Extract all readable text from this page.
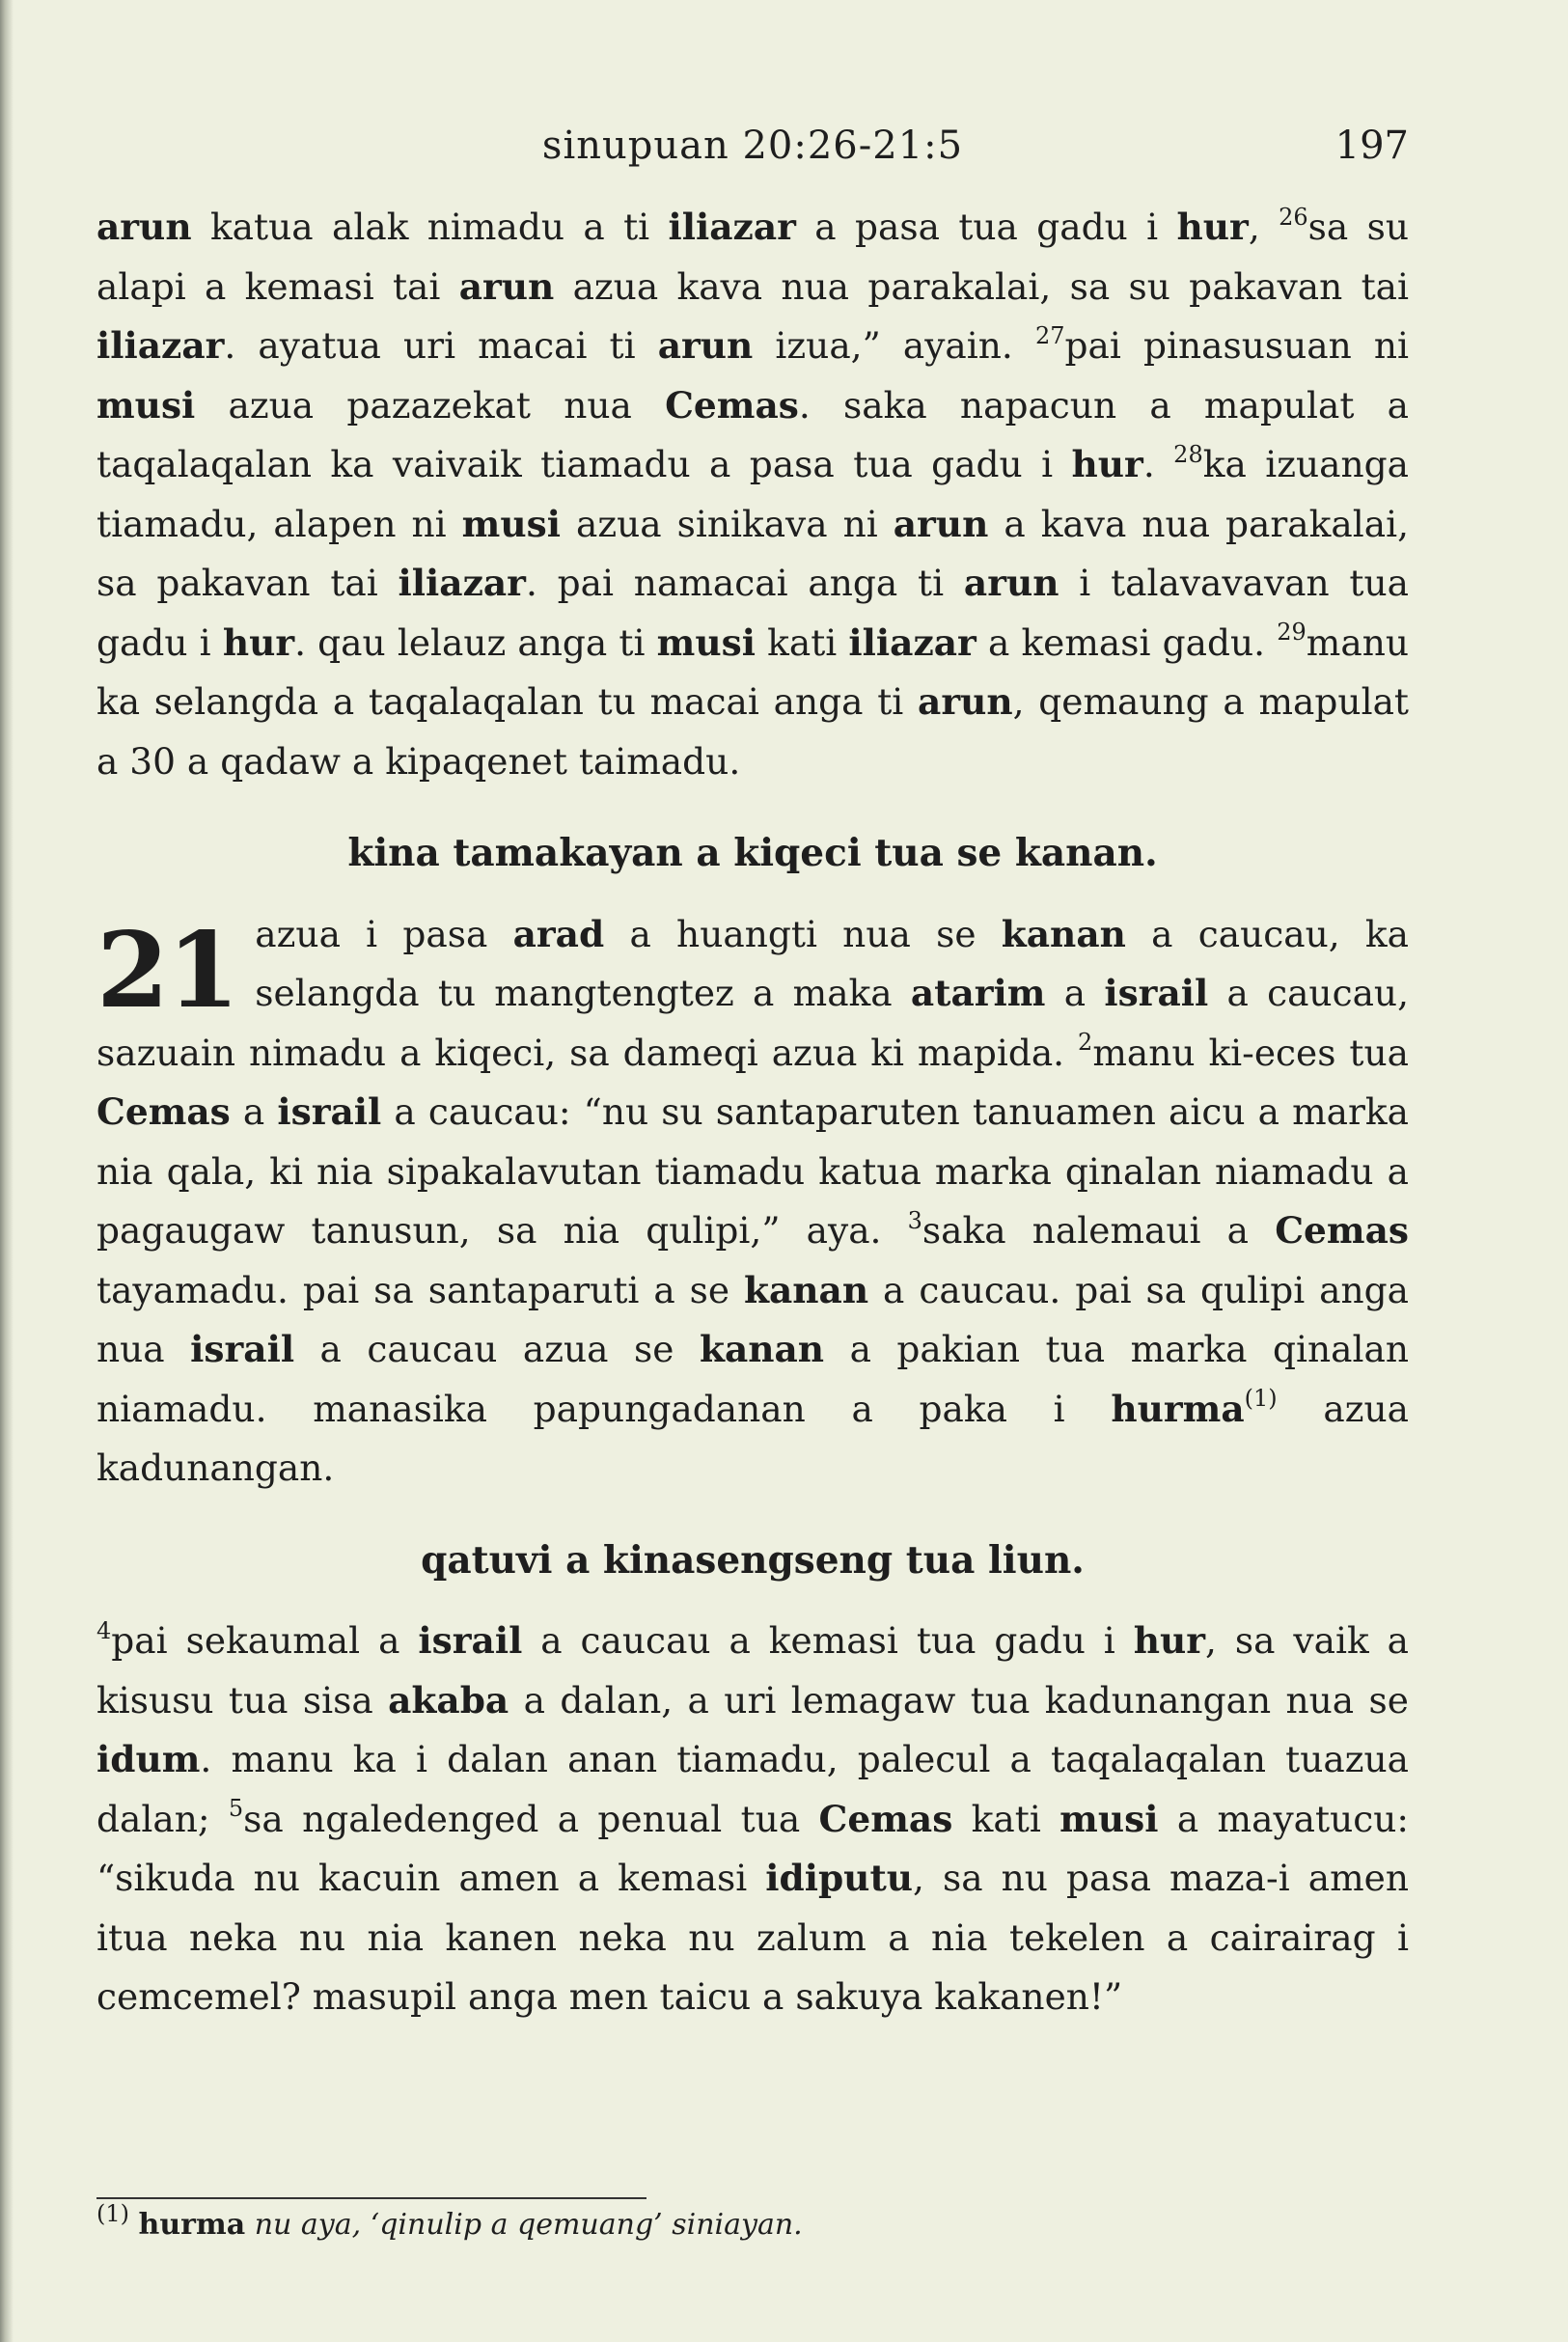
sinupuan 20:26-21:5	197

arun katua alak nimadu a ti iliazar a pasa tua gadu i hur, $^{26}$sa su alapi a kemasi tai arun azua kava nua parakalai, sa su pakavan tai iliazar. ayatua uri macai ti arun izua,” ayain. $^{27}$pai pinasusuan ni musi azua pazazekat nua Cemas. saka napacun a mapulat a taqalaqalan ka vaivaik tiamadu a pasa tua gadu i hur. $^{28}$ka izuanga tiamadu, alapen ni musi azua sinikava ni arun a kava nua parakalai, sa pakavan tai iliazar. pai namacai anga ti arun i talavavavan tua gadu i hur. qau lelauz anga ti musi kati iliazar a kemasi gadu. $^{29}$manu ka selangda a taqalaqalan tu macai anga ti arun, qemaung a mapulat a 30 a qadaw a kipaqenet taimadu.

kina tamakayan a kiqeci tua se kanan.

21 azua i pasa arad a huangti nua se kanan a caucau, ka selangda tu mangtengtez a maka atarim a israil a caucau, sazuain nimadu a kiqeci, sa dameqi azua ki mapida. $^2$manu ki-eces tua Cemas a israil a caucau: “nu su santaparuten tanuamen aicu a marka nia qala, ki nia sipakalavutan tiamadu katua marka qinalan niamadu a pagaugaw tanusun, sa nia qulipi,” aya. $^3$saka nalemaui a Cemas tayamadu. pai sa santaparuti a se kanan a caucau. pai sa qulipi anga nua israil a caucau azua se kanan a pakian tua marka qinalan niamadu. manasika papungadanan a paka i hurma$^{(1)}$ azua kadunangan.

qatuvi a kinasengseng tua liun.

$^4$pai sekaumal a israil a caucau a kemasi tua gadu i hur, sa vaik a kisusu tua sisa akaba a dalan, a uri lemagaw tua kadunangan nua se idum. manu ka i dalan anan tiamadu, palecul a taqalaqalan tuazua dalan; $^5$sa ngaledenged a penual tua Cemas kati musi a mayatucu: “sikuda nu kacuin amen a kemasi idiputu, sa nu pasa maza-i amen itua neka nu nia kanen neka nu zalum a nia tekelen a cairairag i cemcemel? masupil anga men taicu a sakuya kakanen!”

$^{(1)}$ hurma nu aya, ‘qinulip a qemuang’ siniayan.
